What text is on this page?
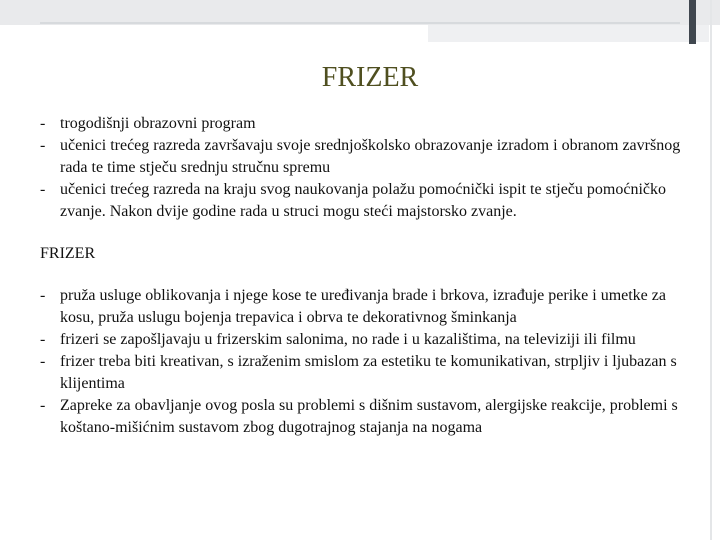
FRIZER
- trogodišnji obrazovni program
- učenici trećeg razreda završavaju svoje srednjoškolsko obrazovanje izradom i obranom završnog rada te time stječu srednju stručnu spremu
- učenici trećeg razreda na kraju svog naukovanja polažu pomoćnički ispit te stječu pomoćničko zvanje. Nakon dvije godine rada u struci mogu steći majstorsko zvanje.
FRIZER
- pruža usluge oblikovanja i njege kose te uređivanja brade i brkova, izrađuje perike i umetke za kosu, pruža uslugu bojenja trepavica i obrva te dekorativnog šminkanja
- frizeri se zapošljavaju u frizerskim salonima, no rade i u kazalištima, na televiziji ili filmu
- frizer treba biti kreativan, s izraženim smislom za estetiku te komunikativan, strpljiv i ljubazan s klijentima
- Zapreke za obavljanje ovog posla su problemi s dišnim sustavom, alergijske reakcije, problemi s koštano-mišićnim sustavom zbog dugotrajnog stajanja na nogama
